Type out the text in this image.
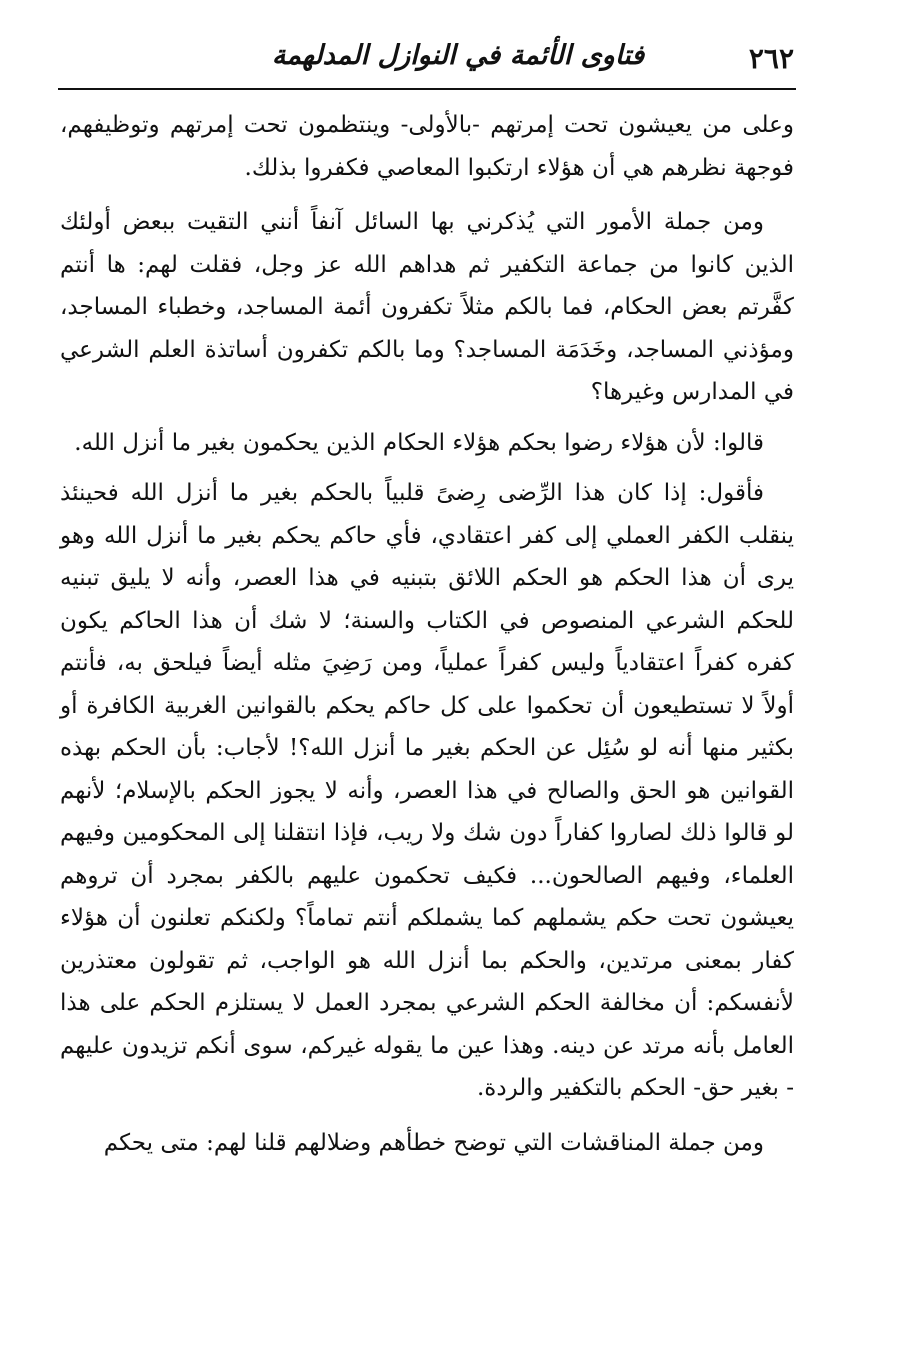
٢٦٢
فتاوى الأئمة في النوازل المدلهمة

وعلى من يعيشون تحت إمرتهم -بالأولى- وينتظمون تحت إمرتهم وتوظيفهم، فوجهة نظرهم هي أن هؤلاء ارتكبوا المعاصي فكفروا بذلك.

ومن جملة الأمور التي يُذكرني بها السائل آنفاً أنني التقيت ببعض أولئك الذين كانوا من جماعة التكفير ثم هداهم الله عز وجل، فقلت لهم: ها أنتم كفَّرتم بعض الحكام، فما بالكم مثلاً تكفرون أئمة المساجد، وخطباء المساجد، ومؤذني المساجد، وخَدَمَة المساجد؟ وما بالكم تكفرون أساتذة العلم الشرعي في المدارس وغيرها؟

قالوا: لأن هؤلاء رضوا بحكم هؤلاء الحكام الذين يحكمون بغير ما أنزل الله.

فأقول: إذا كان هذا الرِّضى رِضىً قلبياً بالحكم بغير ما أنزل الله فحينئذ ينقلب الكفر العملي إلى كفر اعتقادي، فأي حاكم يحكم بغير ما أنزل الله وهو يرى أن هذا الحكم هو الحكم اللائق بتبنيه في هذا العصر، وأنه لا يليق تبنيه للحكم الشرعي المنصوص في الكتاب والسنة؛ لا شك أن هذا الحاكم يكون كفره كفراً اعتقادياً وليس كفراً عملياً، ومن رَضِيَ مثله أيضاً فيلحق به، فأنتم أولاً لا تستطيعون أن تحكموا على كل حاكم يحكم بالقوانين الغربية الكافرة أو بكثير منها أنه لو سُئِل عن الحكم بغير ما أنزل الله؟! لأجاب: بأن الحكم بهذه القوانين هو الحق والصالح في هذا العصر، وأنه لا يجوز الحكم بالإسلام؛ لأنهم لو قالوا ذلك لصاروا كفاراً دون شك ولا ريب، فإذا انتقلنا إلى المحكومين وفيهم العلماء، وفيهم الصالحون... فكيف تحكمون عليهم بالكفر بمجرد أن تروهم يعيشون تحت حكم يشملهم كما يشملكم أنتم تماماً؟ ولكنكم تعلنون أن هؤلاء كفار بمعنى مرتدين، والحكم بما أنزل الله هو الواجب، ثم تقولون معتذرين لأنفسكم: أن مخالفة الحكم الشرعي بمجرد العمل لا يستلزم الحكم على هذا العامل بأنه مرتد عن دينه. وهذا عين ما يقوله غيركم، سوى أنكم تزيدون عليهم - بغير حق- الحكم بالتكفير والردة.

ومن جملة المناقشات التي توضح خطأهم وضلالهم قلنا لهم: متى يحكم
